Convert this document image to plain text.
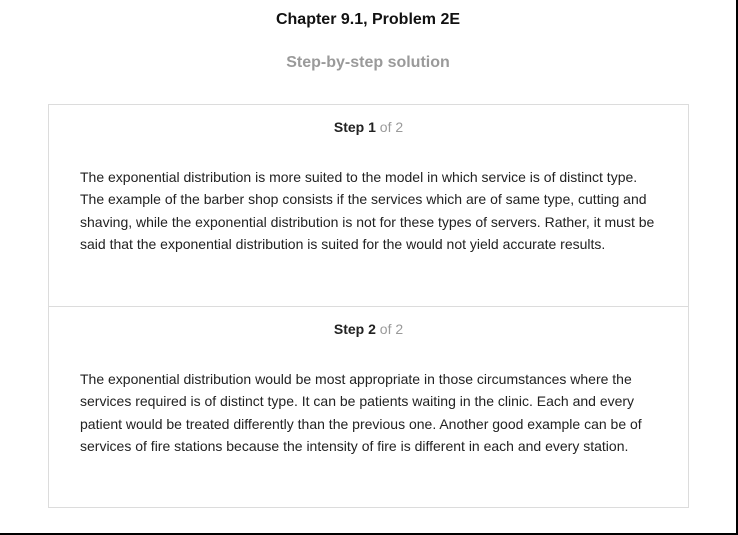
Chapter 9.1, Problem 2E
Step-by-step solution
Step 1 of 2

The exponential distribution is more suited to the model in which service is of distinct type. The example of the barber shop consists if the services which are of same type, cutting and shaving, while the exponential distribution is not for these types of servers. Rather, it must be said that the exponential distribution is suited for the would not yield accurate results.

Step 2 of 2

The exponential distribution would be most appropriate in those circumstances where the services required is of distinct type. It can be patients waiting in the clinic. Each and every patient would be treated differently than the previous one. Another good example can be of services of fire stations because the intensity of fire is different in each and every station.
